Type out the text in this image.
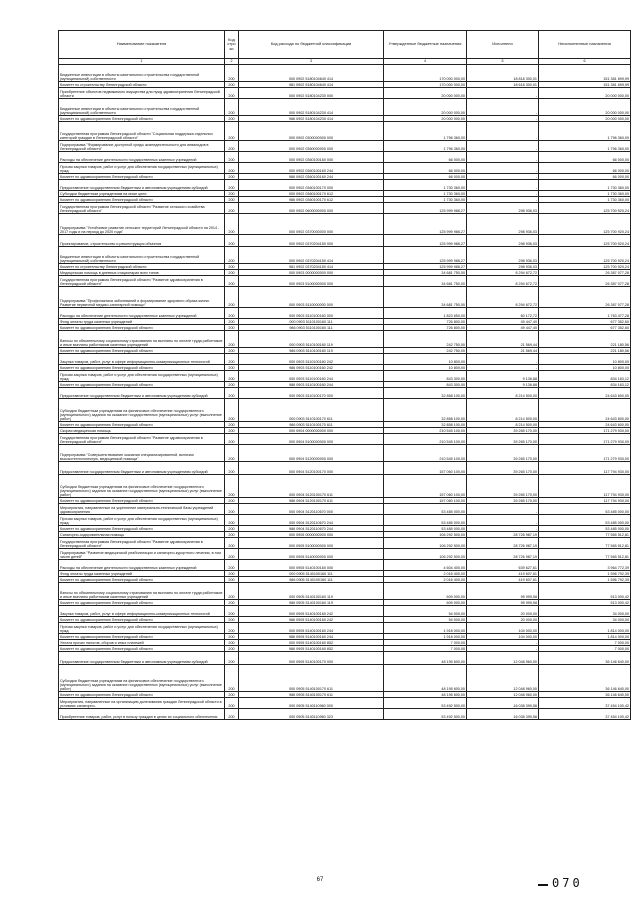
Наименование показателя	Код стро ки	Код расхода по бюджетной классификации	Утвержденные бюджетные назначения	Исполнено	Неисполненные назначения
1	2	3	4	5	6
Бюджетные инвестиции в объекты капитального строительства государственной (муниципальной) собственности	200	000 0902 5180104640 414	170 000 000,00	18 818 300,01	151 381 699,99
Комитет по строительству Ленинградской области	200	981 0902 5180104640 414	170 000 000,00	18 618 300,01	151 381 699,99
Приобретение объектов недвижимого имущества для нужд здравоохранения Ленинградской области	200	000 0902 5180104230 000	20 000 000,00	-	20 000 000,00
Бюджетные инвестиции в объекты капитального строительства государственной (муниципальной) собственности	200	000 0902 5180104230 414	20 000 000,00	-	20 000 000,00
Комитет по здравоохранению Ленинградской области	200	986 0902 5180104230 414	20 000 000,00	-	20 000 000,00
Государственная программа Ленинградской области "Социальная поддержка отдельных категорий граждан в Ленинградской области"	200	000 0902 0300000000 000	1 796 360,00	-	1 796 360,00
Подпрограмма "Формирование доступной среды жизнедеятельности для инвалидов в Ленинградской области"	200	000 0902 0360000000 000	1 796 360,00	-	1 796 360,00
Расходы на обеспечение деятельности государственных казенных учреждений	200	000 0902 0360100160 000	66 000,00	-	66 000,00
Прочая закупка товаров, работ и услуг для обеспечения государственных (муниципальных) нужд	200	000 0902 0360100160 244	66 000,00	-	66 000,00
Комитет по здравоохранению Ленинградской области	200	986 0902 0360100160 244	66 000,00	-	66 000,00
Предоставление государственным бюджетным и автономным учреждениям субсидий	200	000 0902 0360100170 000	1 730 360,00	-	1 730 360,00
Субсидии бюджетным учреждениям на иные цели	200	000 0902 0360100170 612	1 730 360,00	-	1 730 360,00
Комитет по здравоохранению Ленинградской области	200	986 0902 0360100170 612	1 730 360,00	-	1 730 360,00
Государственная программа Ленинградской области "Развитие сельского хозяйства Ленинградской области"	200	000 0902 0600000000 000	125 999 986,27	298 936,03	125 700 920,24
Подпрограмма "Устойчивое развитие сельских территорий Ленинградской области на 2014 - 2017 годы и на период до 2020 года"	200	000 0902 0370000000 000	125 999 986,27	298 936,03	125 700 920,24
Проектирование, строительство и реконструкция объектов	200	000 0902 0370204150 000	125 999 986,27	298 936,03	125 700 920,24
Бюджетные инвестиции в объекты капитального строительства государственной (муниципальной) собственности	200	000 0902 0370204150 414	125 999 986,27	298 936,03	125 700 920,24
Комитет по строительству Ленинградской области	200	981 0902 0370204150 414	125 999 986,27	298 936,03	125 700 920,24
Медицинская помощь в дневных стационарах всех типов	200	000 0903 0000000000 000	34 681 750,00	8 294 672,72	26 387 077,28
Государственная программа Ленинградской области "Развитие здравоохранения в Ленинградской области"	200	000 0903 5100000000 000	34 681 750,00	8 294 672,72	26 387 077,28
Подпрограмма "Профилактика заболеваний и формирование здорового образа жизни. Развитие первичной медико-санитарной помощи"	200	000 0903 5110000000 000	34 681 750,00	8 294 672,72	26 387 077,28
Расходы на обеспечение деятельности государственных казенных учреждений	200	000 0903 5110100160 000	1 823 650,00	60 172,72	1 763 477,28
Фонд оплаты труда казенных учреждений	200	000 0903 5110100160 111	726 800,00	49 447,40	677 352,60
Комитет по здравоохранению Ленинградской области	200	986 0903 5110100160 111	726 800,00	49 447,40	677 352,60
Взносы по обязательному социальному страхованию на выплаты по оплате труда работников и иные выплаты работникам казенных учреждений	200	000 0903 5110100160 119	242 750,00	21 569,44	221 180,56
Комитет по здравоохранению Ленинградской области	200	986 0903 5110100160 119	242 750,00	21 569,44	221 180,56
Закупка товаров, работ, услуг в сфере информационно-коммуникационных технологий	200	000 0903 5110100160 242	10 800,00	-	10 800,00
Комитет по здравоохранению Ленинградской области	200	986 0903 5110100160 242	10 800,00	-	10 800,00
Прочая закупка товаров, работ и услуг для обеспечения государственных (муниципальных) нужд	200	000 0903 5110100160 244	843 300,00	9 136,88	834 163,12
Комитет по здравоохранению Ленинградской области	200	986 0903 5110100160 244	843 300,00	9 136,88	834 163,12
Предоставление государственным бюджетным и автономным учреждениям субсидий	200	000 0903 5110100170 000	32 858 100,00	8 214 500,00	24 643 600,00
Субсидии бюджетным учреждениям на финансовое обеспечение государственного (муниципального) задания на оказание государственных (муниципальных) услуг (выполнение работ)	200	000 0903 5110100170 611	32 858 100,00	8 214 500,00	24 643 600,00
Комитет по здравоохранению Ленинградской области	200	986 0903 5110100170 611	32 858 100,00	8 214 500,00	24 643 600,00
Скорая медицинская помощь	200	000 0904 0000000000 000	210 545 100,00	39 265 170,00	171 279 930,00
Государственная программа Ленинградской области "Развитие здравоохранения в Ленинградской области"	200	000 0904 5100000000 000	210 545 100,00	39 265 170,00	171 279 930,00
Подпрограмма "Совершенствование оказания специализированной, включая высокотехнологичную, медицинской помощи"	200	000 0904 5120000000 000	210 545 100,00	39 265 170,00	171 279 930,00
Предоставление государственным бюджетным и автономным учреждениям субсидий	200	000 0904 5120100170 000	157 060 100,00	39 265 170,00	117 794 930,00
Субсидии бюджетным учреждениям на финансовое обеспечение государственного (муниципального) задания на оказание государственных (муниципальных) услуг (выполнение работ)	200	000 0904 5120100170 611	157 060 100,00	39 265 170,00	117 794 930,00
Комитет по здравоохранению Ленинградской области	200	986 0904 5120100170 611	157 060 100,00	39 265 170,00	117 794 930,00
Мероприятия, направленные на укрепление материально-технической базы учреждений здравоохранения	200	000 0904 5120110670 000	53 485 000,00	-	53 485 000,00
Прочая закупка товаров, работ и услуг для обеспечения государственных (муниципальных) нужд	200	000 0904 5120110670 244	53 485 000,00	-	53 485 000,00
Комитет по здравоохранению Ленинградской области	200	986 0904 5120110670 244	53 485 000,00	-	53 485 000,00
Санаторно-оздоровительная помощь	200	000 0905 0000000000 000	106 292 500,00	28 726 987,19	77 565 512,81
Государственная программа Ленинградской области "Развитие здравоохранения в Ленинградской области"	200	000 0905 5100000000 000	106 292 500,00	28 726 987,19	77 565 512,81
Подпрограмма "Развитие медицинской реабилитации и санаторно-курортного лечения, в том числе детей"	200	000 0905 5140000000 000	106 292 500,00	28 726 987,19	77 565 512,81
Расходы на обеспечение деятельности государственных казенных учреждений	200	000 0905 5140100160 000	4 604 400,00	639 627,61	3 964 772,39
Фонд оплаты труда казенных учреждений	200	000 0905 5140100160 111	2 016 400,00	419 607,61	1 596 792,39
Комитет по здравоохранению Ленинградской области	200	986 0905 5140100160 111	2 016 400,00	419 607,61	1 596 792,39
Взносы по обязательному социальному страхованию на выплаты по оплате труда работников и иные выплаты работникам казенных учреждений	200	000 0905 5140100160 119	609 000,00	95 999,58	513 000,42
Комитет по здравоохранению Ленинградской области	200	986 0905 5140100160 119	609 000,00	95 999,58	513 000,42
Закупка товаров, работ, услуг в сфере информационно-коммуникационных технологий	200	000 0905 5140100160 242	54 000,00	20 000,00	34 000,00
Комитет по здравоохранению Ленинградской области	200	986 0905 5140100160 242	54 000,00	20 000,00	34 000,00
Прочая закупка товаров, работ и услуг для обеспечения государственных (муниципальных) нужд	200	000 0905 5140100160 244	1 918 000,00	104 000,00	1 814 000,00
Комитет по здравоохранению Ленинградской области	200	986 0905 5140100160 244	1 918 000,00	104 000,00	1 814 000,00
Уплата прочих налогов, сборов и иных платежей	200	000 0905 5140100160 852	7 000,00	-	7 000,00
Комитет по здравоохранению Ленинградской области	200	986 0905 5140100160 852	7 000,00	-	7 000,00
Предоставление государственным бюджетным и автономным учреждениям субсидий	200	000 0905 5140100170 000	48 195 600,00	12 048 960,00	36 146 640,00
Субсидии бюджетным учреждениям на финансовое обеспечение государственного (муниципального) задания на оказание государственных (муниципальных) услуг (выполнение работ)	200	000 0905 5140100170 611	48 195 600,00	12 048 960,00	36 146 640,00
Комитет по здравоохранению Ленинградской области	200	986 0905 5140100170 611	48 195 600,00	12 048 960,00	36 146 640,00
Мероприятия, направленные на организацию долечивания граждан Ленинградской области в условиях санаторно-	200	000 0905 5140110960 000	53 492 500,00	16 038 399,58	37 454 100,42
Приобретение товаров, работ, услуг в пользу граждан в целях их социального обеспечения	200	000 0905 5140110960 323	53 492 500,00	16 038 399,58	37 454 100,42
67	070
